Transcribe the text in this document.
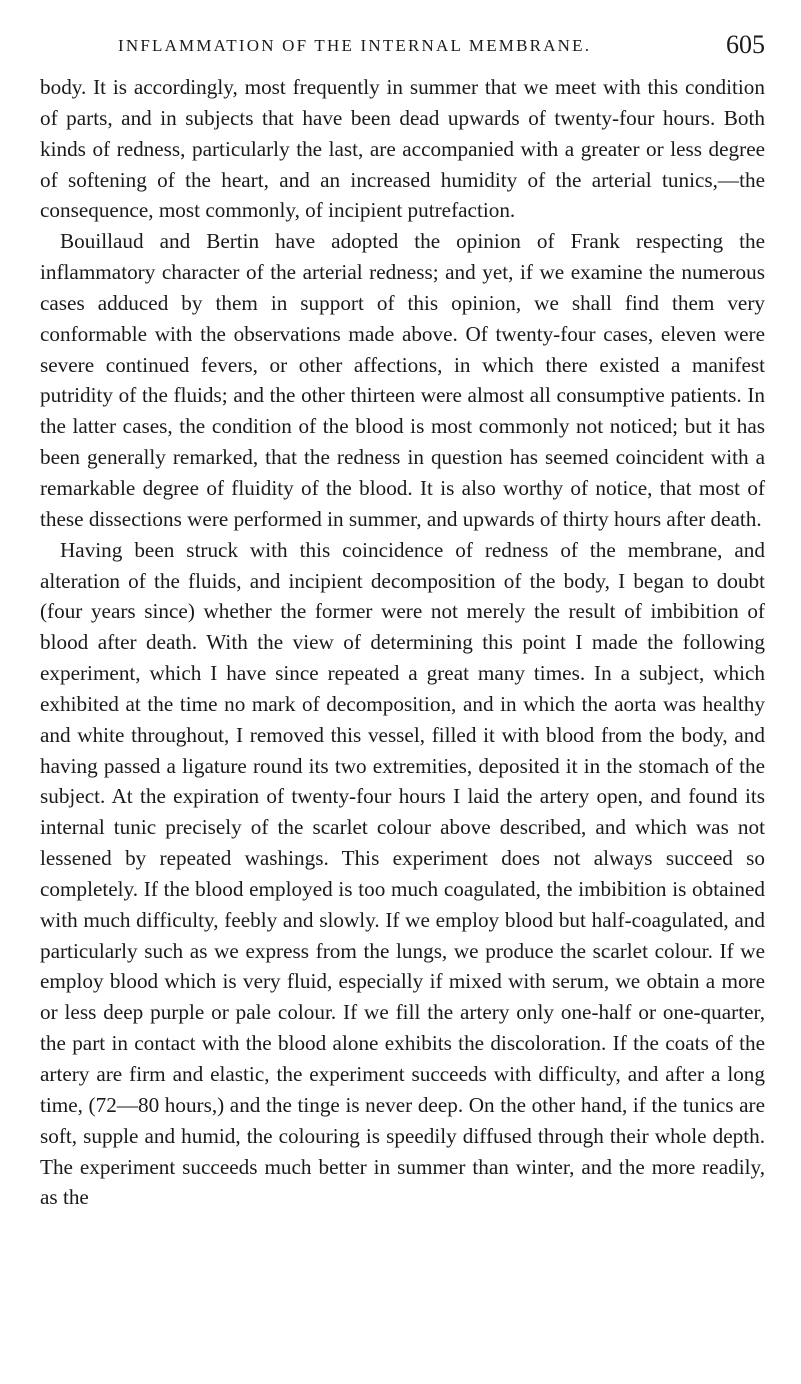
INFLAMMATION OF THE INTERNAL MEMBRANE.	605

body. It is accordingly, most frequently in summer that we meet with this condition of parts, and in subjects that have been dead upwards of twenty-four hours. Both kinds of redness, particularly the last, are accompanied with a greater or less degree of softening of the heart, and an increased humidity of the arterial tunics,—the consequence, most commonly, of incipient putrefaction.

Bouillaud and Bertin have adopted the opinion of Frank respecting the inflammatory character of the arterial redness; and yet, if we examine the numerous cases adduced by them in support of this opinion, we shall find them very conformable with the observations made above. Of twenty-four cases, eleven were severe continued fevers, or other affections, in which there existed a manifest putridity of the fluids; and the other thirteen were almost all consumptive patients. In the latter cases, the condition of the blood is most commonly not noticed; but it has been generally remarked, that the redness in question has seemed coincident with a remarkable degree of fluidity of the blood. It is also worthy of notice, that most of these dissections were performed in summer, and upwards of thirty hours after death.

Having been struck with this coincidence of redness of the membrane, and alteration of the fluids, and incipient decomposition of the body, I began to doubt (four years since) whether the former were not merely the result of imbibition of blood after death. With the view of determining this point I made the following experiment, which I have since repeated a great many times. In a subject, which exhibited at the time no mark of decomposition, and in which the aorta was healthy and white throughout, I removed this vessel, filled it with blood from the body, and having passed a ligature round its two extremities, deposited it in the stomach of the subject. At the expiration of twenty-four hours I laid the artery open, and found its internal tunic precisely of the scarlet colour above described, and which was not lessened by repeated washings. This experiment does not always succeed so completely. If the blood employed is too much coagulated, the imbibition is obtained with much difficulty, feebly and slowly. If we employ blood but half-coagulated, and particularly such as we express from the lungs, we produce the scarlet colour. If we employ blood which is very fluid, especially if mixed with serum, we obtain a more or less deep purple or pale colour. If we fill the artery only one-half or one-quarter, the part in contact with the blood alone exhibits the discoloration. If the coats of the artery are firm and elastic, the experiment succeeds with difficulty, and after a long time, (72—80 hours,) and the tinge is never deep. On the other hand, if the tunics are soft, supple and humid, the colouring is speedily diffused through their whole depth. The experiment succeeds much better in summer than winter, and the more readily, as the
